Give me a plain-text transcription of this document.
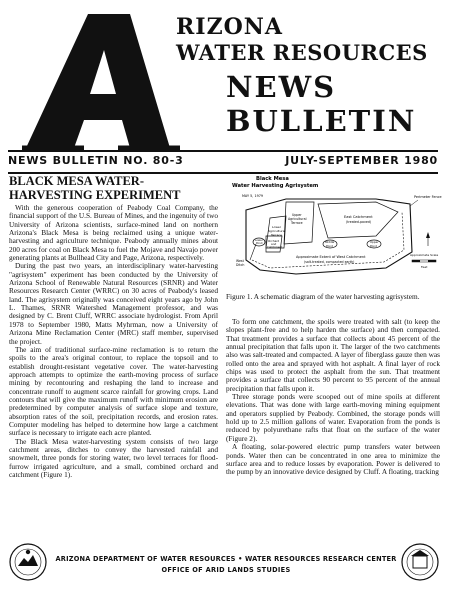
RIZONA
WATER RESOURCES
NEWS
BULLETIN
NEWS BULLETIN NO. 80-3	JULY-SEPTEMBER 1980
BLACK MESA WATER-HARVESTING EXPERIMENT

With the generous cooperation of Peabody Coal Company, the financial support of the U.S. Bureau of Mines, and the ingenuity of two University of Arizona scientists, surface-mined land on northern Arizona's Black Mesa is being reclaimed using a unique water-harvesting and agriculture technique. Peabody annually mines about 200 acres for coal on Black Mesa to fuel the Mojave and Navajo power generating plants at Bullhead City and Page, Arizona, respectively.

During the past two years, an interdisciplinary water-harvesting "agrisystem" experiment has been conducted by the University of Arizona School of Renewable Natural Resources (SRNR) and Water Resources Research Center (WRRC) on 30 acres of Peabody's leased land. The agrisystem originally was conceived eight years ago by John L. Thames, SRNR Watershed Management professor, and was designed by C. Brent Cluff, WRRC associate hydrologist. From April 1978 to September 1980, Matts Myhrman, now a University of Arizona Mine Reclamation Center (MRC) staff member, supervised the project.

The aim of traditional surface-mine reclamation is to return the spoils to the area's original contour, to replace the topsoil and to establish drought-resistant vegetative cover. The water-harvesting approach attempts to optimize the earth-moving process of surface mining by recontouring and reshaping the land to increase and concentrate runoff to augment scarce rainfall for growing crops. Land contours that will give the maximum runoff with minimum erosion are predetermined by computer analysis of surface slope and texture, absorption rates of the soil, precipitation records, and erosion rates. Computer modeling has helped to determine how large a catchment surface is necessary to irrigate each acre planted.

The Black Mesa water-harvesting system consists of two large catchment areas, ditches to convey the harvested rainfall and snowmelt, three ponds for storing water, two level terraces for flood-furrow irrigated agriculture, and a small, combined orchard and catchment (Figure 1).

Black Mesa
Water Harvesting Agrisystem
MAY 5, 1979	Perimeter Fence
East Catchment
(treated-paved)
Upper
Agricultural
Terrace
Lower
Agricultural
Terrace
Orchard
and
Catchment
Lower
Pond	Middle
Pond
Upper
Pond
West
Ditch
Approximate Extent of West Catchment
(salt-treated, compacted earth)
Approximate Scale
Feet
Figure 1. A schematic diagram of the water harvesting agrisystem.

To form one catchment, the spoils were treated with salt (to keep the slopes plant-free and to help harden the surface) and then compacted. That treatment provides a surface that collects about 45 percent of the annual precipitation that falls upon it. The larger of the two catchments also was salt-treated and compacted. A layer of fiberglass gauze then was rolled onto the area and sprayed with hot asphalt. A final layer of rock chips was used to protect the asphalt from the sun. That treatment provides a surface that collects 90 percent to 95 percent of the annual precipitation that falls upon it.

Three storage ponds were scooped out of mine spoils at different elevations. That was done with large earth-moving mining equipment and operators supplied by Peabody. Combined, the storage ponds will hold up to 2.5 million gallons of water. Evaporation from the ponds is reduced by polyurethane rafts that float on the surface of the water (Figure 2).

A floating, solar-powered electric pump transfers water between ponds. Water then can be concentrated in one area to minimize the surface area and to reduce losses by evaporation. Power is delivered to the pump by an innovative device designed by Cluff. A floating, tracking

ARIZONA DEPARTMENT OF WATER RESOURCES • WATER RESOURCES RESEARCH CENTER
OFFICE OF ARID LANDS STUDIES
